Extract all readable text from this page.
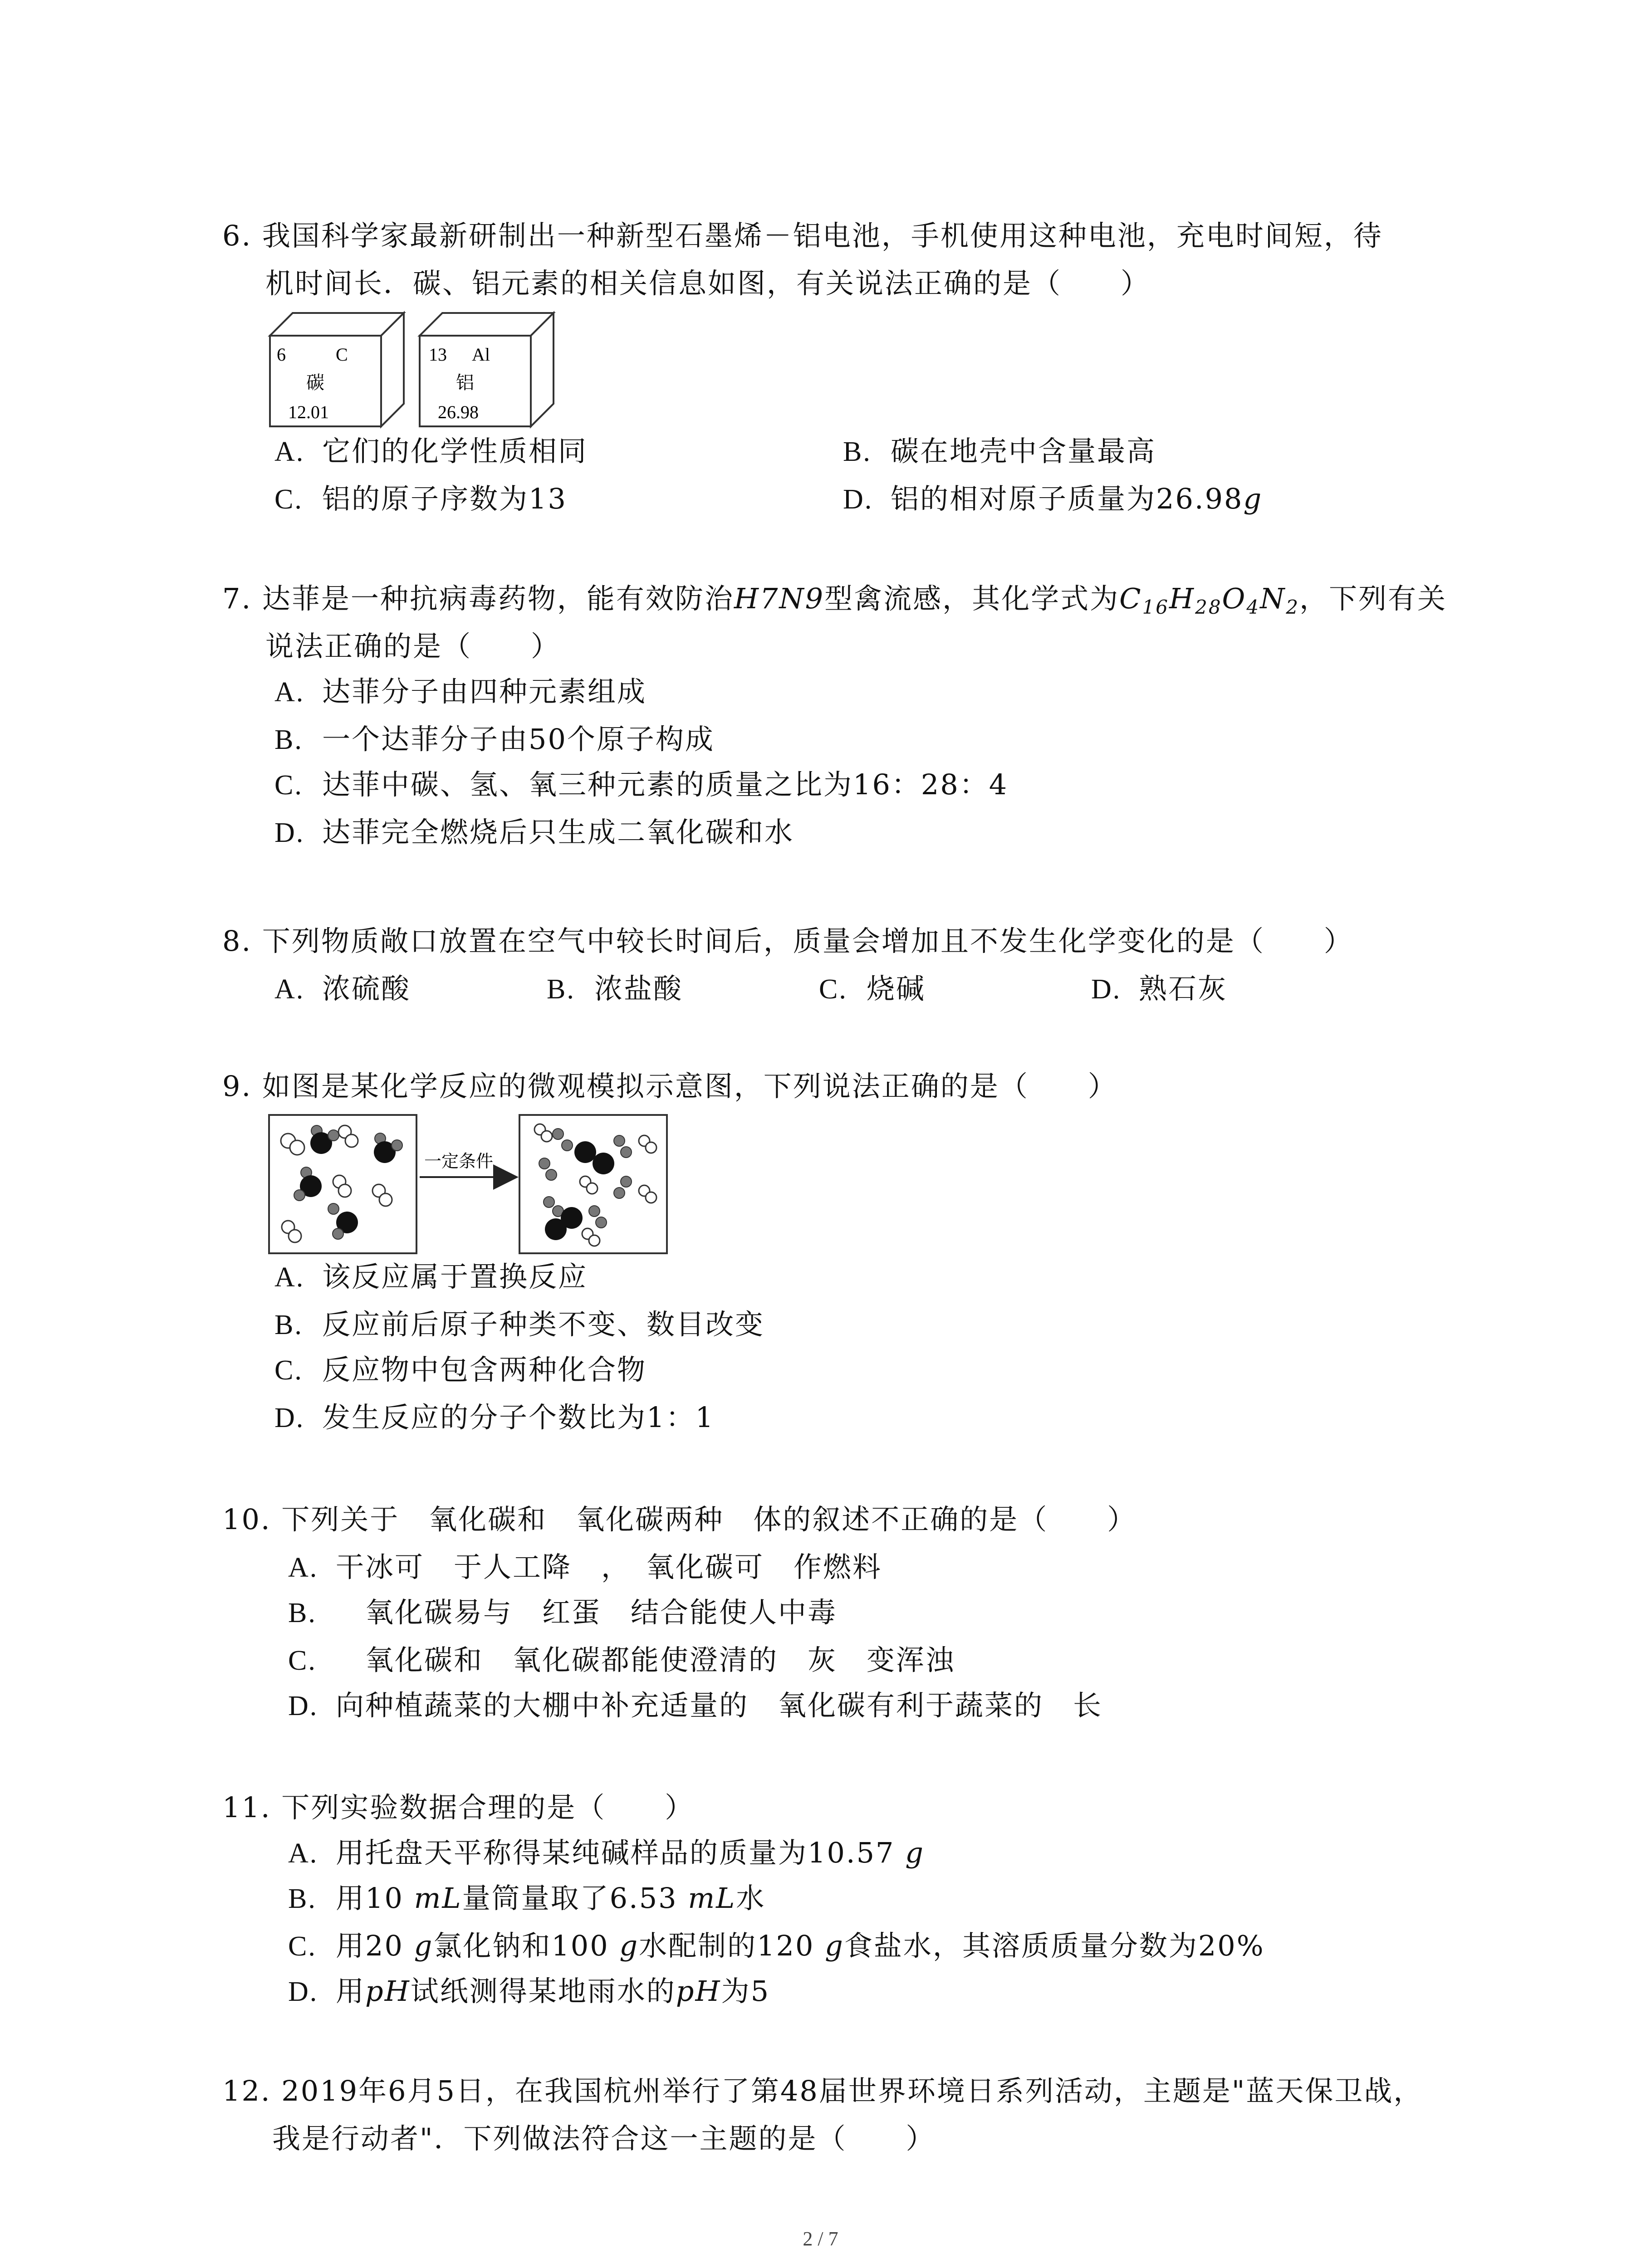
6. 我国科学家最新研制出一种新型石墨烯－铝电池，手机使用这种电池，充电时间短，待
机时间长．碳、铝元素的相关信息如图，有关说法正确的是（　　）
6	C
碳
12.01
13 Al
铝
26.98
A. 它们的化学性质相同	B. 碳在地壳中含量最高
C. 铝的原子序数为13	D. 铝的相对原子质量为26.98g
7. 达菲是一种抗病毒药物，能有效防治H7N9型禽流感，其化学式为$C_{16}H_{28}O_4N_2$，下列有关
说法正确的是（　　）
A. 达菲分子由四种元素组成
B. 一个达菲分子由50个原子构成
C. 达菲中碳、氢、氧三种元素的质量之比为16：28：4
D. 达菲完全燃烧后只生成二氧化碳和水
8. 下列物质敞口放置在空气中较长时间后，质量会增加且不发生化学变化的是（　　）
A. 浓硫酸	B. 浓盐酸	C. 烧碱	D. 熟石灰
9. 如图是某化学反应的微观模拟示意图，下列说法正确的是（　　）
一定条件
A. 该反应属于置换反应
B. 反应前后原子种类不变、数目改变
C. 反应物中包含两种化合物
D. 发生反应的分子个数比为1：1
10. 下列关于　氧化碳和　氧化碳两种　体的叙述不正确的是（　　）
A. 干冰可　于人工降　，　氧化碳可　作燃料
B.　氧化碳易与　红蛋　结合能使人中毒
C.　氧化碳和　氧化碳都能使澄清的　灰　变浑浊
D. 向种植蔬菜的大棚中补充适量的　氧化碳有利于蔬菜的　长
11. 下列实验数据合理的是（　　）
A. 用托盘天平称得某纯碱样品的质量为10.57 g
B. 用10 mL量筒量取了6.53 mL水
C. 用20 g氯化钠和100 g水配制的120 g食盐水，其溶质质量分数为20%
D. 用pH试纸测得某地雨水的pH为5
12. 2019年6月5日，在我国杭州举行了第48届世界环境日系列活动，主题是"蓝天保卫战，
我是行动者"．下列做法符合这一主题的是（　　）
2 / 7
